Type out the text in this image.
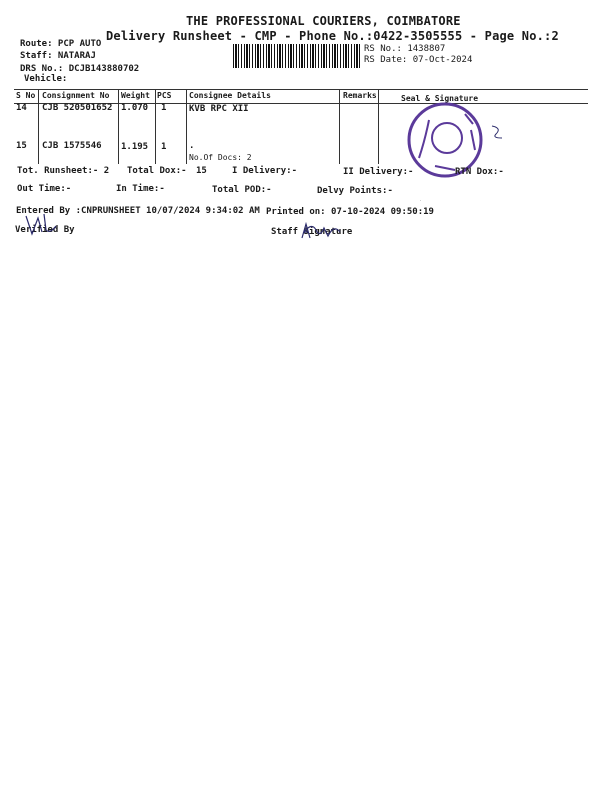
THE PROFESSIONAL COURIERS, COIMBATORE
Delivery Runsheet - CMP - Phone No.:0422-3505555 - Page No.:2
Route: PCP AUTO
Staff: NATARAJ
DRS No.: DCJB143880702
Vehicle:
RS No.: 1438807
RS Date: 07-Oct-2024
S No Consignment No Weight PCS Consignee Details	Remarks	Seal & Signature
14 CJB 520501652 1.070 1	KVB RPC XII
15 CJB 1575546 1.195 1	.
No.Of Docs: 2
Tot. Runsheet:- 2 Total Dox:- 15	I Delivery:-	II Delivery:-	RTN Dox:-
Out Time:-	In Time:-	Total POD:-	Delvy Points:-
Entered By :CNPRUNSHEET 10/07/2024 9:34:02 AM Printed on: 07-10-2024 09:50:19
Verified By	Staff Signature
